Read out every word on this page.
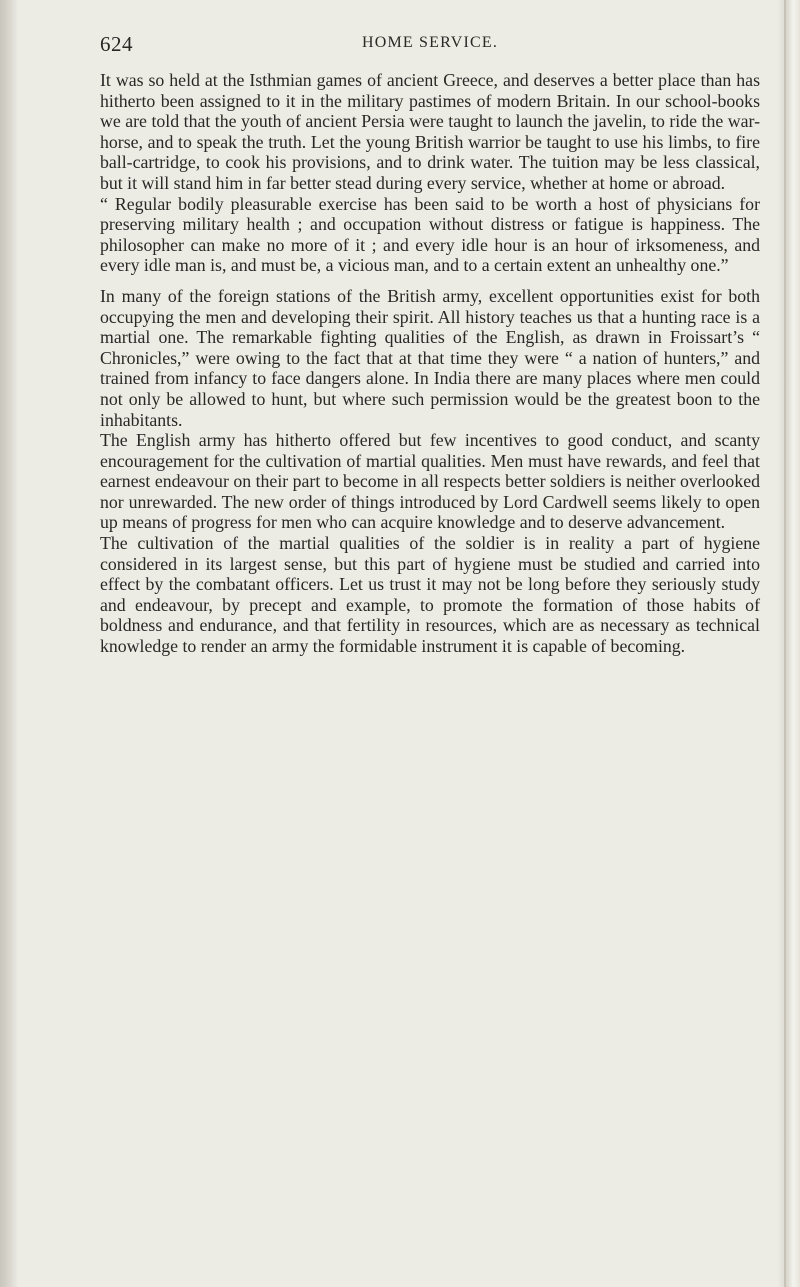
624	HOME SERVICE.

It was so held at the Isthmian games of ancient Greece, and deserves a better place than has hitherto been assigned to it in the military pastimes of modern Britain. In our school-books we are told that the youth of ancient Persia were taught to launch the javelin, to ride the war-horse, and to speak the truth. Let the young British warrior be taught to use his limbs, to fire ball-cartridge, to cook his provisions, and to drink water. The tuition may be less classical, but it will stand him in far better stead during every service, whether at home or abroad.

“ Regular bodily pleasurable exercise has been said to be worth a host of physicians for preserving military health ; and occupation without distress or fatigue is happiness. The philosopher can make no more of it ; and every idle hour is an hour of irksomeness, and every idle man is, and must be, a vicious man, and to a certain extent an unhealthy one.”

In many of the foreign stations of the British army, excellent opportunities exist for both occupying the men and developing their spirit. All history teaches us that a hunting race is a martial one. The remarkable fighting qualities of the English, as drawn in Froissart’s “ Chronicles,” were owing to the fact that at that time they were “ a nation of hunters,” and trained from infancy to face dangers alone. In India there are many places where men could not only be allowed to hunt, but where such permission would be the greatest boon to the inhabitants.

The English army has hitherto offered but few incentives to good conduct, and scanty encouragement for the cultivation of martial qualities. Men must have rewards, and feel that earnest endeavour on their part to become in all respects better soldiers is neither overlooked nor unrewarded. The new order of things introduced by Lord Cardwell seems likely to open up means of progress for men who can acquire knowledge and to deserve advancement.

The cultivation of the martial qualities of the soldier is in reality a part of hygiene considered in its largest sense, but this part of hygiene must be studied and carried into effect by the combatant officers. Let us trust it may not be long before they seriously study and endeavour, by precept and example, to promote the formation of those habits of boldness and endurance, and that fertility in resources, which are as necessary as technical knowledge to render an army the formidable instrument it is capable of becoming.
